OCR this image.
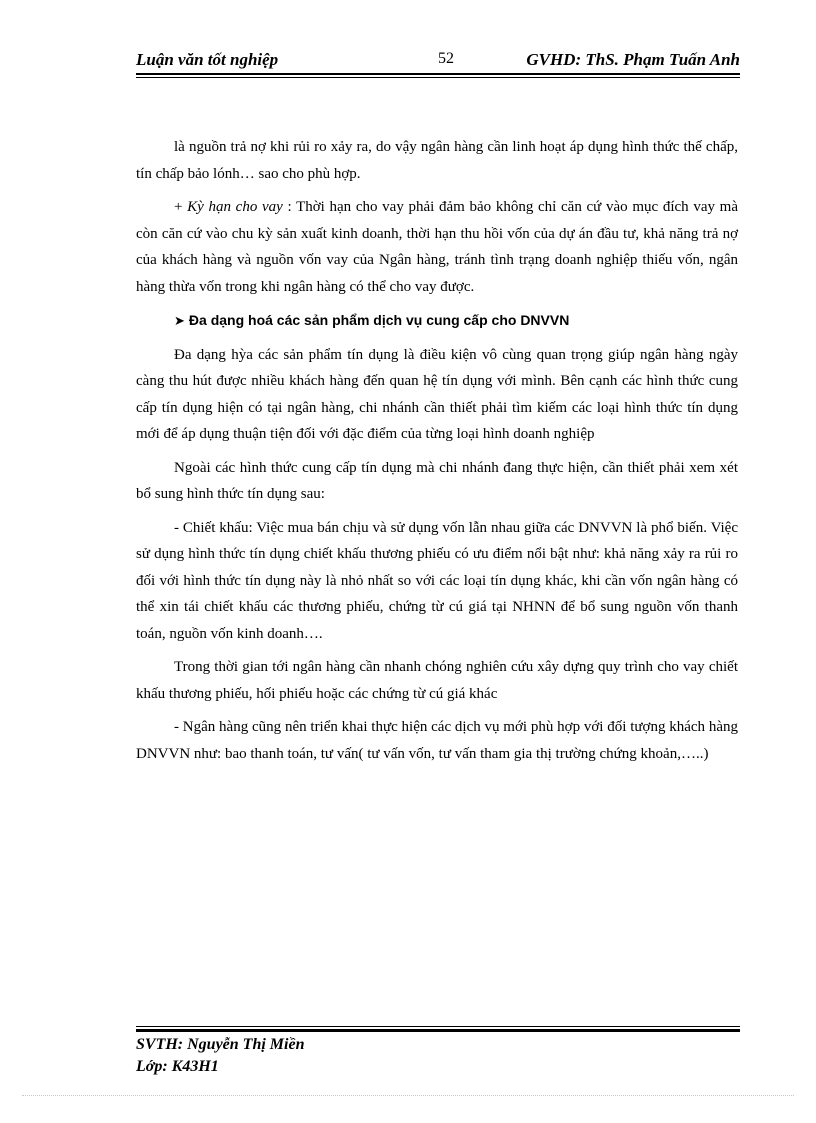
Luận văn tốt nghiệp	52	GVHD: ThS. Phạm Tuấn Anh

là nguồn trả nợ khi rủi ro xảy ra, do vậy ngân hàng cần linh hoạt áp dụng hình thức thế chấp, tín chấp bảo lónh… sao cho phù hợp.

+ Kỳ hạn cho vay : Thời hạn cho vay phải đảm bảo không chỉ căn cứ vào mục đích vay mà còn căn cứ vào chu kỳ sản xuất kinh doanh, thời hạn thu hồi vốn của dự án đầu tư, khả năng trả nợ của khách hàng và nguồn vốn vay của Ngân hàng, tránh tình trạng doanh nghiệp thiếu vốn, ngân hàng thừa vốn trong khi ngân hàng có thể cho vay được.

➤ Đa dạng hoá các sản phẩm dịch vụ cung cấp cho DNVVN

Đa dạng hỳa các sản phẩm tín dụng là điều kiện vô cùng quan trọng giúp ngân hàng ngày càng thu hút được nhiều khách hàng đến quan hệ tín dụng với mình. Bên cạnh các hình thức cung cấp tín dụng hiện có tại ngân hàng, chi nhánh cần thiết phải tìm kiếm các loại hình thức tín dụng mới để áp dụng thuận tiện đối với đặc điểm của từng loại hình doanh nghiệp

Ngoài các hình thức cung cấp tín dụng mà chi nhánh đang thực hiện, cần thiết phải xem xét bổ sung hình thức tín dụng sau:

- Chiết khấu: Việc mua bán chịu và sử dụng vốn lẫn nhau giữa các DNVVN là phổ biến. Việc sử dụng hình thức tín dụng chiết khấu thương phiếu có ưu điểm nổi bật như: khả năng xảy ra rủi ro đối với hình thức tín dụng này là nhỏ nhất so với các loại tín dụng khác, khi cần vốn ngân hàng có thể xin tái chiết khấu các thương phiếu, chứng từ cú giá tại NHNN để bổ sung nguồn vốn thanh toán, nguồn vốn kinh doanh….

Trong thời gian tới ngân hàng cần nhanh chóng nghiên cứu xây dựng quy trình cho vay chiết khấu thương phiếu, hối phiếu hoặc các chứng từ cú giá khác

- Ngân hàng cũng nên triển khai thực hiện các dịch vụ mới phù hợp với đối tượng khách hàng DNVVN như: bao thanh toán, tư vấn( tư vấn vốn, tư vấn tham gia thị trường chứng khoản,…..)

SVTH: Nguyễn Thị Miền
Lớp: K43H1
